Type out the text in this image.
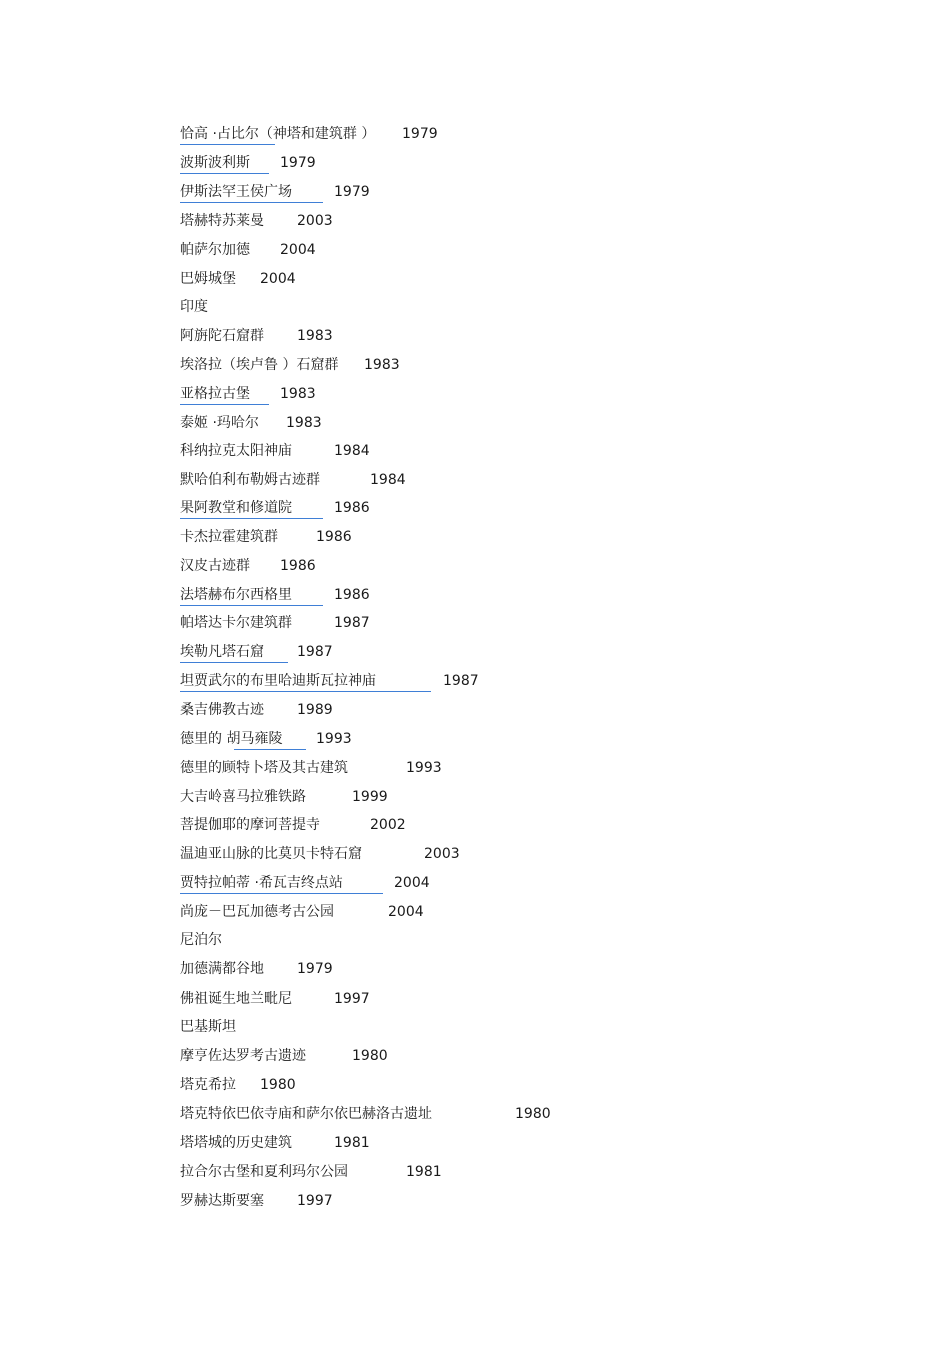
恰高 ·占比尔（神塔和建筑群 ） 1979
波斯波利斯 1979
伊斯法罕王侯广场	1979
塔赫特苏莱曼 2003
帕萨尔加德 2004
巴姆城堡 2004
印度
阿旃陀石窟群 1983
埃洛拉（埃卢鲁 ）石窟群 1983
亚格拉古堡 1983
泰姬 ·玛哈尔 1983
科纳拉克太阳神庙	1984
默哈伯利布勒姆古迹群	1984
果阿教堂和修道院	1986
卡杰拉霍建筑群	1986
汉皮古迹群 1986
法塔赫布尔西格里	1986
帕塔达卡尔建筑群	1987
埃勒凡塔石窟 1987
坦贾武尔的布里哈迪斯瓦拉神庙	1987
桑吉佛教古迹 1989
德里的 胡马雍陵 1993
德里的顾特卜塔及其古建筑	1993
大吉岭喜马拉雅铁路	1999
菩提伽耶的摩诃菩提寺	2002
温迪亚山脉的比莫贝卡特石窟	2003
贾特拉帕蒂 ·希瓦吉终点站	2004
尚庞－巴瓦加德考古公园	2004
尼泊尔
加德满都谷地 1979
佛祖诞生地兰毗尼	1997
巴基斯坦
摩亨佐达罗考古遗迹	1980
塔克希拉 1980
塔克特依巴依寺庙和萨尔依巴赫洛古遗址	1980
塔塔城的历史建筑	1981
拉合尔古堡和夏利玛尔公园	1981
罗赫达斯要塞 1997
